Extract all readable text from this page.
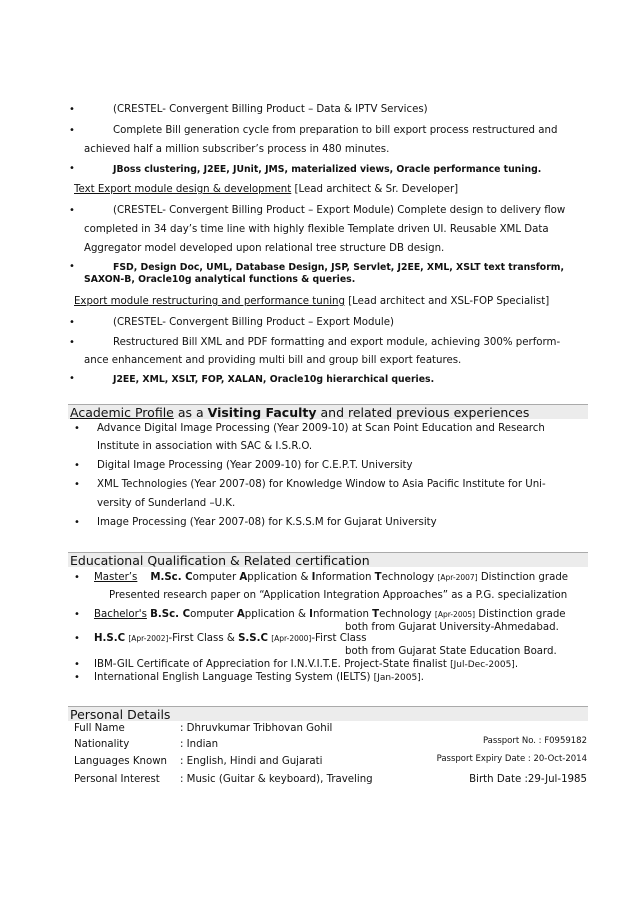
•	(CRESTEL- Convergent Billing Product – Data & IPTV Services)
•	Complete Bill generation cycle from preparation to bill export process restructured and
achieved half a million subscriber’s process in 480 minutes.
•	JBoss clustering, J2EE, JUnit, JMS, materialized views, Oracle performance tuning.
Text Export module design & development [Lead architect & Sr. Developer]
•	(CRESTEL- Convergent Billing Product – Export Module) Complete design to delivery flow
completed in 34 day’s time line with highly flexible Template driven UI. Reusable XML Data
Aggregator model developed upon relational tree structure DB design.
•	FSD, Design Doc, UML, Database Design, JSP, Servlet, J2EE, XML, XSLT text transform,
SAXON-B, Oracle10g analytical functions & queries.
Export module restructuring and performance tuning [Lead architect and XSL-FOP Specialist]
•	(CRESTEL- Convergent Billing Product – Export Module)
•	Restructured Bill XML and PDF formatting and export module, achieving 300% perform-
ance enhancement and providing multi bill and group bill export features.
•	J2EE, XML, XSLT, FOP, XALAN, Oracle10g hierarchical queries.
Academic Profile as a Visiting Faculty and related previous experiences
• Advance Digital Image Processing (Year 2009-10) at Scan Point Education and Research
Institute in association with SAC & I.S.R.O.
• Digital Image Processing (Year 2009-10) for C.E.P.T. University
• XML Technologies (Year 2007-08) for Knowledge Window to Asia Pacific Institute for Uni-
versity of Sunderland –U.K.
• Image Processing (Year 2007-08) for K.S.S.M for Gujarat University
Educational Qualification & Related certification
• Master’s M.Sc. Computer Application & Information Technology [Apr-2007] Distinction grade
Presented research paper on “Application Integration Approaches” as a P.G. specialization
• Bachelor's B.Sc. Computer Application & Information Technology [Apr-2005] Distinction grade
both from Gujarat University-Ahmedabad.
• H.S.C [Apr-2002]-First Class & S.S.C [Apr-2000]-First Class
both from Gujarat State Education Board.
• IBM-GIL Certificate of Appreciation for I.N.V.I.T.E. Project-State finalist [Jul-Dec-2005].
• International English Language Testing System (IELTS) [Jan-2005].
Personal Details
Full Name	: Dhruvkumar Tribhovan Gohil
Nationality	: Indian
Languages Known : English, Hindi and Gujarati
Personal Interest : Music (Guitar & keyboard), Traveling
Passport No. : F0959182
Passport Expiry Date : 20-Oct-2014
Birth Date :29-Jul-1985
